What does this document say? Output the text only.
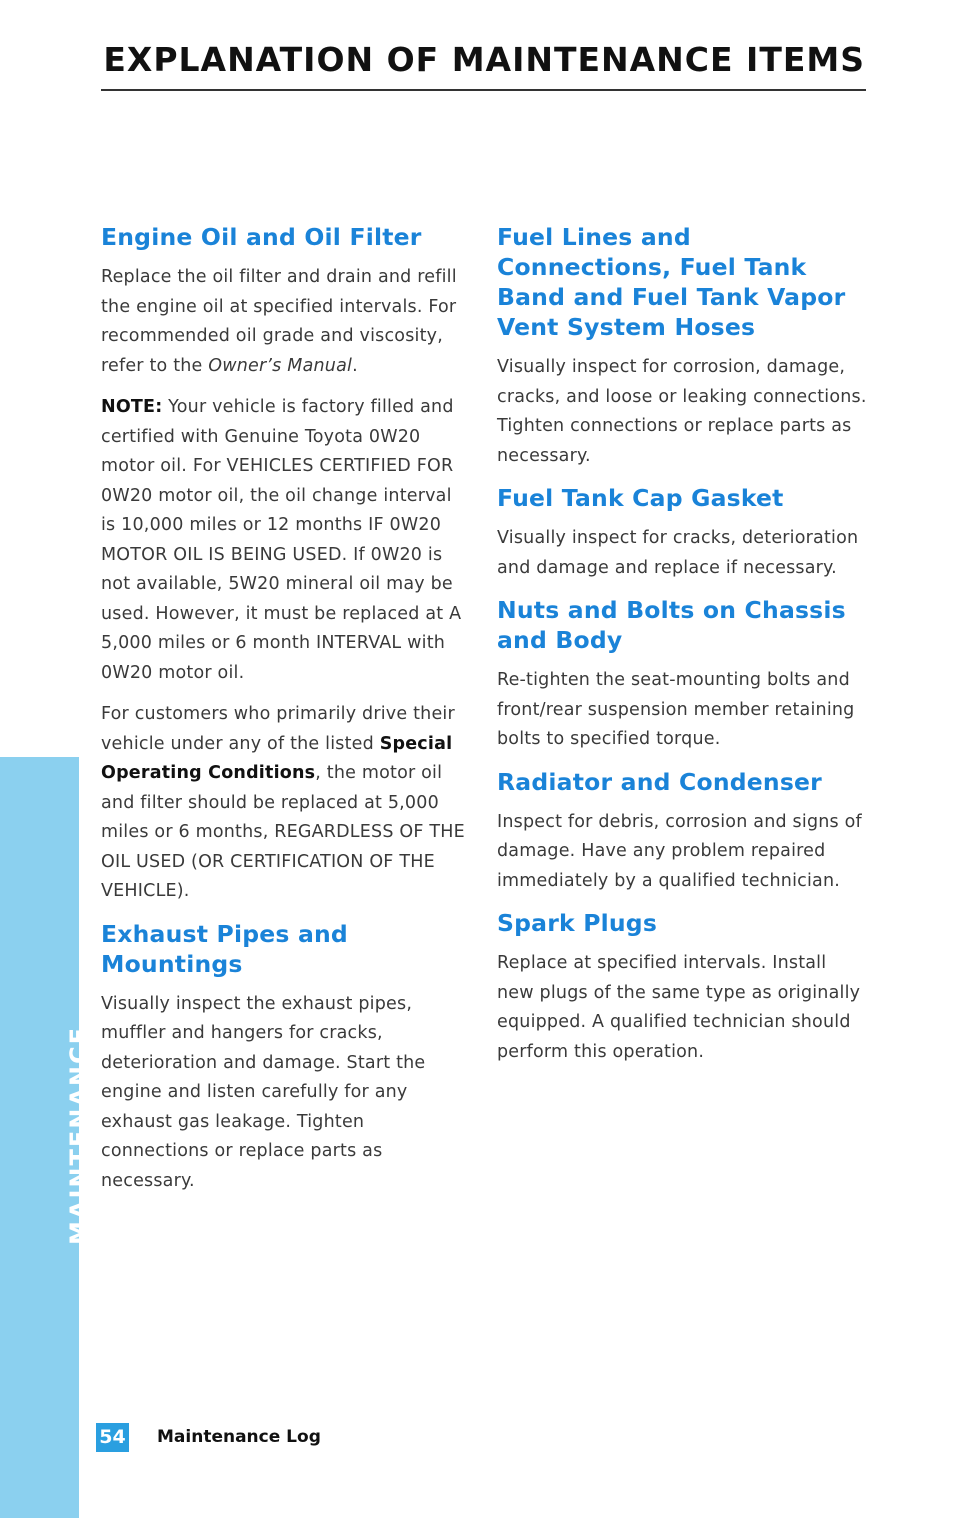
EXPLANATION OF MAINTENANCE ITEMS
MAINTENANCE
Engine Oil and Oil Filter

Replace the oil filter and drain and refill the engine oil at specified intervals. For recommended oil grade and viscosity, refer to the Owner’s Manual.

NOTE: Your vehicle is factory filled and certified with Genuine Toyota 0W20 motor oil. For VEHICLES CERTIFIED FOR 0W20 motor oil, the oil change interval is 10,000 miles or 12 months IF 0W20 MOTOR OIL IS BEING USED. If 0W20 is not available, 5W20 mineral oil may be used. However, it must be replaced at A 5,000 miles or 6 month INTERVAL with 0W20 motor oil.

For customers who primarily drive their vehicle under any of the listed Special Operating Conditions, the motor oil and filter should be replaced at 5,000 miles or 6 months, REGARDLESS OF THE OIL USED (OR CERTIFICATION OF THE VEHICLE).

Exhaust Pipes and Mountings

Visually inspect the exhaust pipes, muffler and hangers for cracks, deterioration and damage. Start the engine and listen carefully for any exhaust gas leakage. Tighten connections or replace parts as necessary.

Fuel Lines and Connections, Fuel Tank Band and Fuel Tank Vapor Vent System Hoses

Visually inspect for corrosion, damage, cracks, and loose or leaking connections. Tighten connections or replace parts as necessary.

Fuel Tank Cap Gasket

Visually inspect for cracks, deterioration and damage and replace if necessary.

Nuts and Bolts on Chassis and Body

Re-tighten the seat-mounting bolts and front/rear suspension member retaining bolts to specified torque.

Radiator and Condenser

Inspect for debris, corrosion and signs of damage. Have any problem repaired immediately by a qualified technician.

Spark Plugs

Replace at specified intervals. Install new plugs of the same type as originally equipped. A qualified technician should perform this operation.

54 Maintenance Log
